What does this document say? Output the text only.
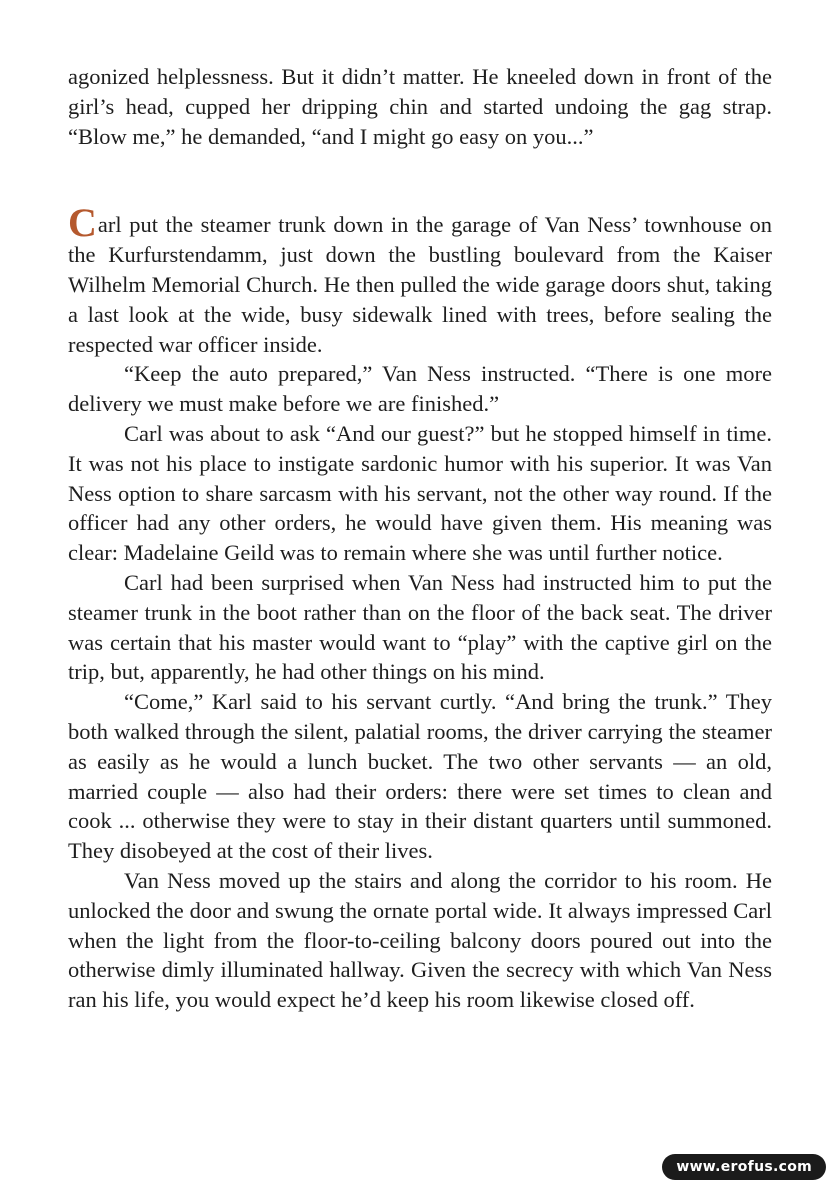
agonized helplessness. But it didn’t matter. He kneeled down in front of the girl’s head, cupped her dripping chin and started undoing the gag strap. “Blow me,” he demanded, “and I might go easy on you...”

Carl put the steamer trunk down in the garage of Van Ness’ townhouse on the Kurfurstendamm, just down the bustling boulevard from the Kaiser Wilhelm Memorial Church. He then pulled the wide garage doors shut, taking a last look at the wide, busy sidewalk lined with trees, before sealing the respected war officer inside.

“Keep the auto prepared,” Van Ness instructed. “There is one more delivery we must make before we are finished.”

Carl was about to ask “And our guest?” but he stopped himself in time. It was not his place to instigate sardonic humor with his superior. It was Van Ness option to share sarcasm with his servant, not the other way round. If the officer had any other orders, he would have given them. His meaning was clear: Madelaine Geild was to remain where she was until further notice.

Carl had been surprised when Van Ness had instructed him to put the steamer trunk in the boot rather than on the floor of the back seat. The driver was certain that his master would want to “play” with the captive girl on the trip, but, apparently, he had other things on his mind.

“Come,” Karl said to his servant curtly. “And bring the trunk.” They both walked through the silent, palatial rooms, the driver carrying the steamer as easily as he would a lunch bucket. The two other servants — an old, married couple — also had their orders: there were set times to clean and cook ... otherwise they were to stay in their distant quarters until summoned. They disobeyed at the cost of their lives.

Van Ness moved up the stairs and along the corridor to his room. He unlocked the door and swung the ornate portal wide. It always impressed Carl when the light from the floor-to-ceiling balcony doors poured out into the otherwise dimly illuminated hallway. Given the secrecy with which Van Ness ran his life, you would expect he’d keep his room likewise closed off.

www.erofus.com
